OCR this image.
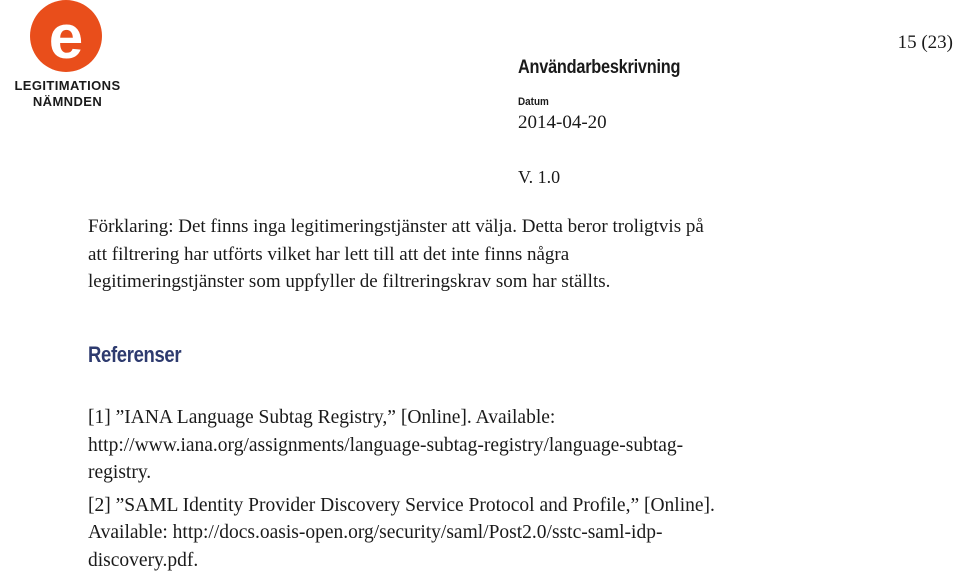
e
LEGITIMATIONS
NÄMNDEN
15 (23)
Användarbeskrivning
Datum
2014-04-20
V. 1.0

Förklaring: Det finns inga legitimeringstjänster att välja. Detta beror troligtvis på
att filtrering har utförts vilket har lett till att det inte finns några
legitimeringstjänster som uppfyller de filtreringskrav som har ställts.

Referenser
[1] ”IANA Language Subtag Registry,” [Online]. Available:
http://www.iana.org/assignments/language-subtag-registry/language-subtag-
registry.
[2] ”SAML Identity Provider Discovery Service Protocol and Profile,” [Online].
Available: http://docs.oasis-open.org/security/saml/Post2.0/sstc-saml-idp-
discovery.pdf.
